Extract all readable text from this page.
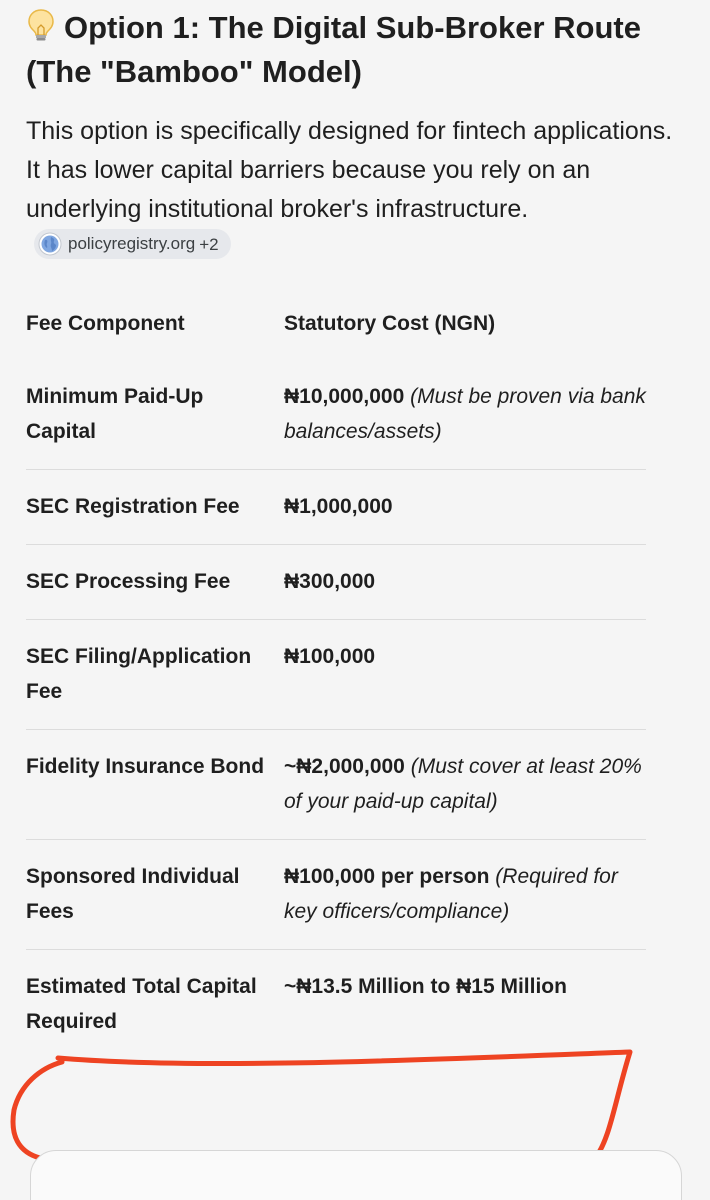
Option 1: The Digital Sub-Broker Route (The "Bamboo" Model)

This option is specifically designed for fintech applications. It has lower capital barriers because you rely on an underlying institutional broker's infrastructure.
policyregistry.org +2

Fee Component	Statutory Cost (NGN)
Minimum Paid-Up Capital	₦10,000,000 (Must be proven via bank balances/assets)
SEC Registration Fee	₦1,000,000
SEC Processing Fee	₦300,000
SEC Filing/Application Fee	₦100,000
Fidelity Insurance Bond	~₦2,000,000 (Must cover at least 20% of your paid-up capital)
Sponsored Individual Fees	₦100,000 per person (Required for key officers/compliance)
Estimated Total Capital Required	~₦13.5 Million to ₦15 Million
